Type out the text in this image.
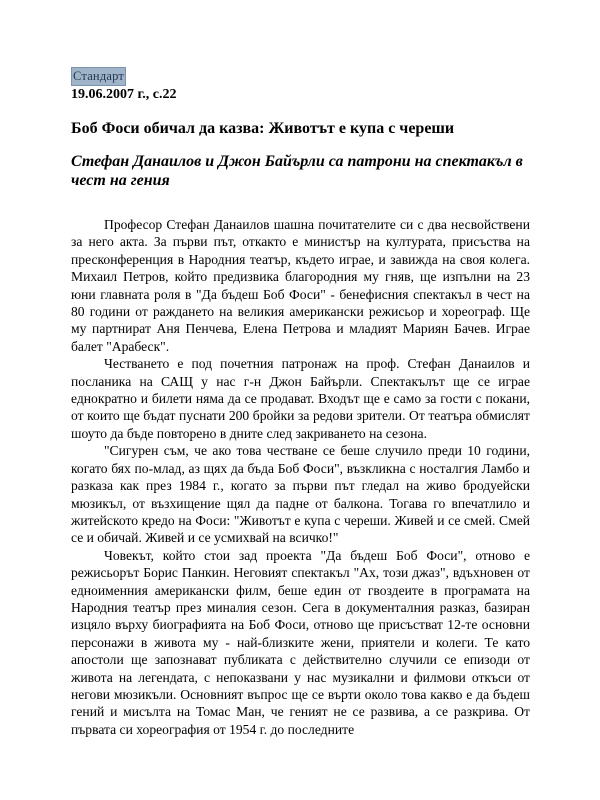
Стандарт
19.06.2007 г., с.22
Боб Фоси обичал да казва: Животът е купа с череши
Стефан Данаилов и Джон Байърли са патрони на спектакъл в чест на гения

Професор Стефан Данаилов шашна почитателите си с два несвойствени за него акта. За първи път, откакто е министър на културата, присъства на пресконференция в Народния театър, където играе, и завижда на своя колега. Михаил Петров, който предизвика благородния му гняв, ще изпълни на 23 юни главната роля в "Да бъдеш Боб Фоси" - бенефисния спектакъл в чест на 80 години от раждането на великия американски режисьор и хореограф. Ще му партнират Аня Пенчева, Елена Петрова и младият Мариян Бачев. Играе балет "Арабеск".

Честването е под почетния патронаж на проф. Стефан Данаилов и посланика на САЩ у нас г-н Джон Байърли. Спектакълът ще се играе еднократно и билети няма да се продават. Входът ще е само за гости с покани, от които ще бъдат пуснати 200 бройки за редови зрители. От театъра обмислят шоуто да бъде повторено в дните след закриването на сезона.

"Сигурен съм, че ако това честване се беше случило преди 10 години, когато бях по-млад, аз щях да бъда Боб Фоси", възкликна с носталгия Ламбо и разказа как през 1984 г., когато за първи път гледал на живо бродуейски мюзикъл, от възхищение щял да падне от балкона. Тогава го впечатлило и житейското кредо на Фоси: "Животът е купа с череши. Живей и се смей. Смей се и обичай. Живей и се усмихвай на всичко!"

Човекът, който стои зад проекта "Да бъдеш Боб Фоси", отново е режисьорът Борис Панкин. Неговият спектакъл "Ах, този джаз", вдъхновен от едноименния американски филм, беше един от гвоздеите в програмата на Народния театър през миналия сезон. Сега в документалния разказ, базиран изцяло върху биографията на Боб Фоси, отново ще присъстват 12-те основни персонажи в живота му - най-близките жени, приятели и колеги. Те като апостоли ще запознават публиката с действително случили се епизоди от живота на легендата, с непоказвани у нас музикални и филмови откъси от негови мюзикъли. Основният въпрос ще се върти около това какво е да бъдеш гений и мисълта на Томас Ман, че геният не се развива, а се разкрива. От първата си хореография от 1954 г. до последните
